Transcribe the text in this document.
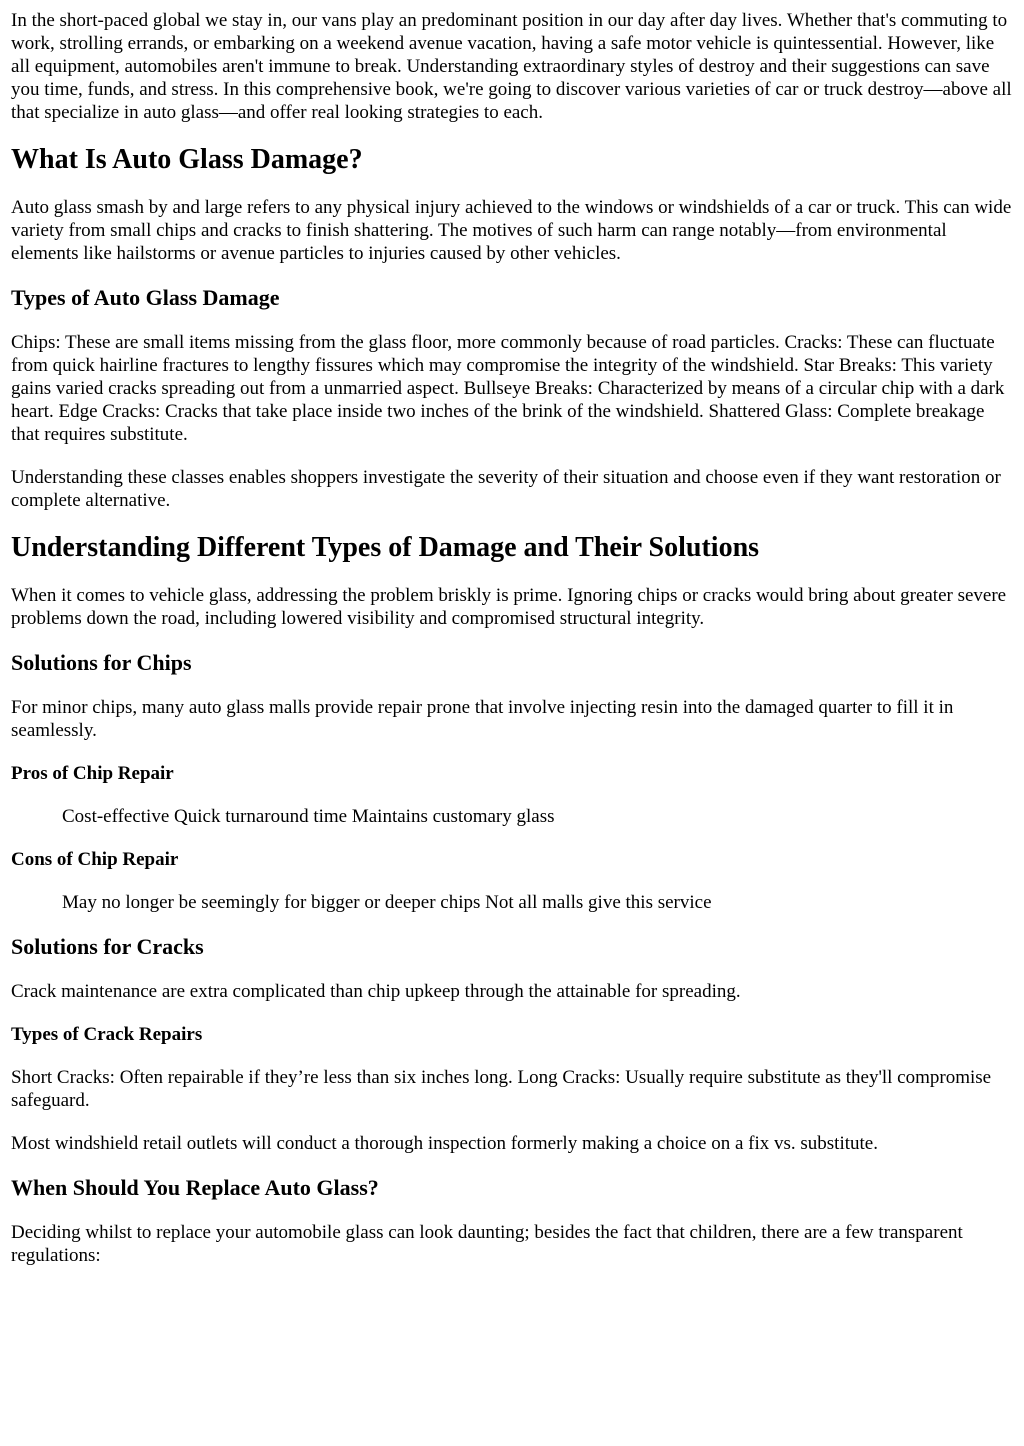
In the short-paced global we stay in, our vans play an predominant position in our day after day lives. Whether that's commuting to work, strolling errands, or embarking on a weekend avenue vacation, having a safe motor vehicle is quintessential. However, like all equipment, automobiles aren't immune to break. Understanding extraordinary styles of destroy and their suggestions can save you time, funds, and stress. In this comprehensive book, we're going to discover various varieties of car or truck destroy—above all that specialize in auto glass—and offer real looking strategies to each.

What Is Auto Glass Damage?

Auto glass smash by and large refers to any physical injury achieved to the windows or windshields of a car or truck. This can wide variety from small chips and cracks to finish shattering. The motives of such harm can range notably—from environmental elements like hailstorms or avenue particles to injuries caused by other vehicles.

Types of Auto Glass Damage

Chips: These are small items missing from the glass floor, more commonly because of road particles. Cracks: These can fluctuate from quick hairline fractures to lengthy fissures which may compromise the integrity of the windshield. Star Breaks: This variety gains varied cracks spreading out from a unmarried aspect. Bullseye Breaks: Characterized by means of a circular chip with a dark heart. Edge Cracks: Cracks that take place inside two inches of the brink of the windshield. Shattered Glass: Complete breakage that requires substitute.

Understanding these classes enables shoppers investigate the severity of their situation and choose even if they want restoration or complete alternative.

Understanding Different Types of Damage and Their Solutions

When it comes to vehicle glass, addressing the problem briskly is prime. Ignoring chips or cracks would bring about greater severe problems down the road, including lowered visibility and compromised structural integrity.

Solutions for Chips

For minor chips, many auto glass malls provide repair prone that involve injecting resin into the damaged quarter to fill it in seamlessly.

Pros of Chip Repair

Cost-effective Quick turnaround time Maintains customary glass

Cons of Chip Repair

May no longer be seemingly for bigger or deeper chips Not all malls give this service

Solutions for Cracks

Crack maintenance are extra complicated than chip upkeep through the attainable for spreading.

Types of Crack Repairs

Short Cracks: Often repairable if they’re less than six inches long. Long Cracks: Usually require substitute as they'll compromise safeguard.

Most windshield retail outlets will conduct a thorough inspection formerly making a choice on a fix vs. substitute.

When Should You Replace Auto Glass?

Deciding whilst to replace your automobile glass can look daunting; besides the fact that children, there are a few transparent regulations:
